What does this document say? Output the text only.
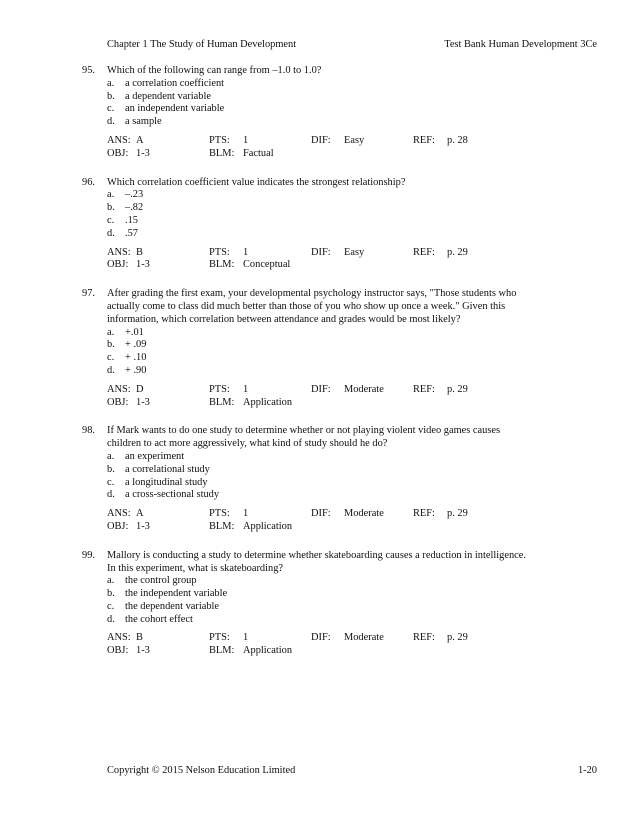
Chapter 1 The Study of Human Development	Test Bank Human Development 3Ce
95. Which of the following can range from –1.0 to 1.0?
a.	a correlation coefficient
b. a dependent variable
c.	an independent variable
d. a sample
ANS: A	PTS: 1	DIF: Easy	REF: p. 28
OBJ: 1-3	BLM: Factual
96. Which correlation coefficient value indicates the strongest relationship?
a.	–.23
b. –.82
c.	.15
d. .57
ANS: B	PTS: 1	DIF: Easy	REF: p. 29
OBJ: 1-3	BLM: Conceptual
97. After grading the first exam, your developmental psychology instructor says, "Those students who
actually come to class did much better than those of you who show up once a week." Given this
information, which correlation between attendance and grades would be most likely?
a.	+.01
b. + .09
c.	+ .10
d. + .90
ANS: D	PTS: 1	DIF: Moderate	REF: p. 29
OBJ: 1-3	BLM: Application
98. If Mark wants to do one study to determine whether or not playing violent video games causes
children to act more aggressively, what kind of study should he do?
a.	an experiment
b. a correlational study
c.	a longitudinal study
d. a cross-sectional study
ANS: A	PTS: 1	DIF: Moderate	REF: p. 29
OBJ: 1-3	BLM: Application
99. Mallory is conducting a study to determine whether skateboarding causes a reduction in intelligence.
In this experiment, what is skateboarding?
a.	the control group
b. the independent variable
c.	the dependent variable
d. the cohort effect
ANS: B	PTS: 1	DIF: Moderate	REF: p. 29
OBJ: 1-3	BLM: Application
Copyright © 2015 Nelson Education Limited	1-20
